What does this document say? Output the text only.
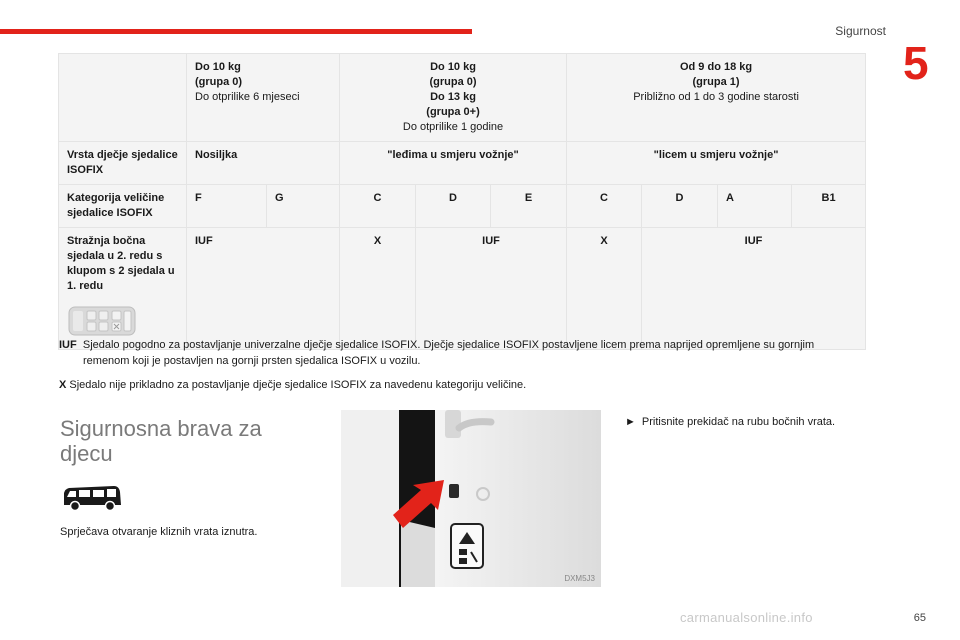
Sigurnost
5

	Do 10 kg
(grupa 0)
Do otprilike 6 mjeseci		Do 10 kg
(grupa 0)
Do 13 kg
(grupa 0+)
Do otprilike 1 godine			Od 9 do 18 kg
(grupa 1)
Približno od 1 do 3 godine starosti			

Vrsta dječje sjedalice ISOFIX	Nosiljka		"leđima u smjeru vožnje"			"licem u smjeru vožnje"			
Kategorija veličine sjedalice ISOFIX	F	G	C	D	E	C	D	A	B1
Stražnja bočna sjedala u 2. redu s klupom s 2 sjedala u 1. redu	IUF		X	IUF		X	IUF		

IUF Sjedalo pogodno za postavljanje univerzalne dječje sjedalice ISOFIX. Dječje sjedalice ISOFIX postavljene licem prema naprijed opremljene su gornjim remenom koji je postavljen na gornji prsten sjedalica ISOFIX u vozilu.

X Sjedalo nije prikladno za postavljanje dječje sjedalice ISOFIX za navedenu kategoriju veličine.

Sigurnosna brava za djecu
Sprječava otvaranje kliznih vrata iznutra.
DXM5J3
► Pritisnite prekidač na rubu bočnih vrata.
carmanualsonline.info	65
